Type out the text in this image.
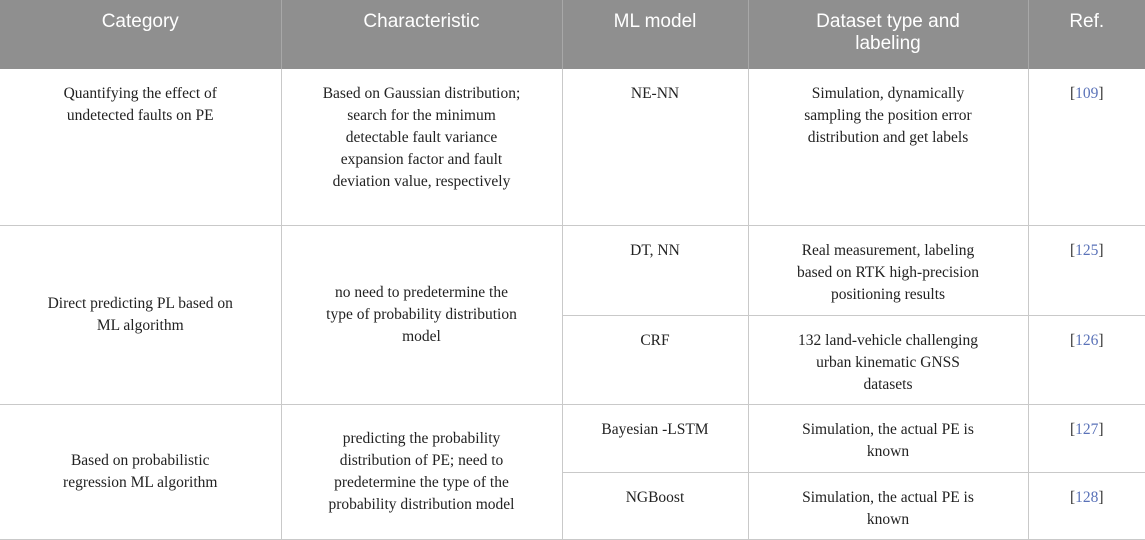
Category	Characteristic	ML model	Dataset type and labeling	Ref.
Quantifying the effect of undetected faults on PE	Based on Gaussian distribution; search for the minimum detectable fault variance expansion factor and fault deviation value, respectively	NE-NN	Simulation, dynamically sampling the position error distribution and get labels	[109]
Direct predicting PL based on ML algorithm	no need to predetermine the type of probability distribution model	DT, NN	Real measurement, labeling based on RTK high-precision positioning results	[125]
		CRF	132 land-vehicle challenging urban kinematic GNSS datasets	[126]
Based on probabilistic regression ML algorithm	predicting the probability distribution of PE; need to predetermine the type of the probability distribution model	Bayesian -LSTM	Simulation, the actual PE is known	[127]
		NGBoost	Simulation, the actual PE is known	[128]
